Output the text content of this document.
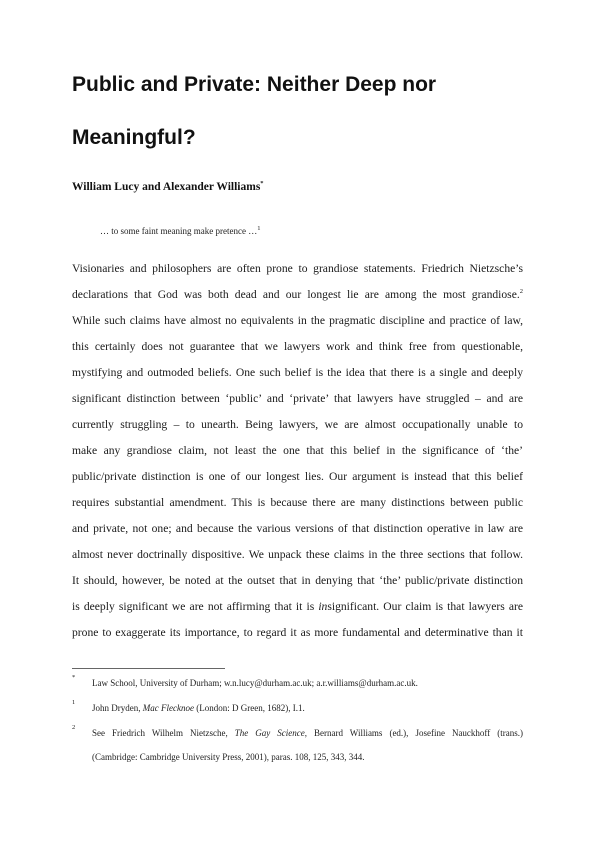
Public and Private: Neither Deep nor
Meaningful?
William Lucy and Alexander Williams*
… to some faint meaning make pretence …$^1$
Visionaries and philosophers are often prone to grandiose statements. Friedrich Nietzsche’s
declarations that God was both dead and our longest lie are among the most grandiose.$^2$
While such claims have almost no equivalents in the pragmatic discipline and practice of law,
this certainly does not guarantee that we lawyers work and think free from questionable,
mystifying and outmoded beliefs. One such belief is the idea that there is a single and deeply
significant distinction between ‘public’ and ‘private’ that lawyers have struggled – and are
currently struggling – to unearth. Being lawyers, we are almost occupationally unable to
make any grandiose claim, not least the one that this belief in the significance of ‘the’
public/private distinction is one of our longest lies. Our argument is instead that this belief
requires substantial amendment. This is because there are many distinctions between public
and private, not one; and because the various versions of that distinction operative in law are
almost never doctrinally dispositive. We unpack these claims in the three sections that follow.
It should, however, be noted at the outset that in denying that ‘the’ public/private distinction
is deeply significant we are not affirming that it is insignificant. Our claim is that lawyers are
prone to exaggerate its importance, to regard it as more fundamental and determinative than it
*
Law School, University of Durham; w.n.lucy@durham.ac.uk; a.r.williams@durham.ac.uk.
1
John Dryden, Mac Flecknoe (London: D Green, 1682), I.1.
2
See Friedrich Wilhelm Nietzsche, The Gay Science, Bernard Williams (ed.), Josefine Nauckhoff (trans.)
(Cambridge: Cambridge University Press, 2001), paras. 108, 125, 343, 344.
